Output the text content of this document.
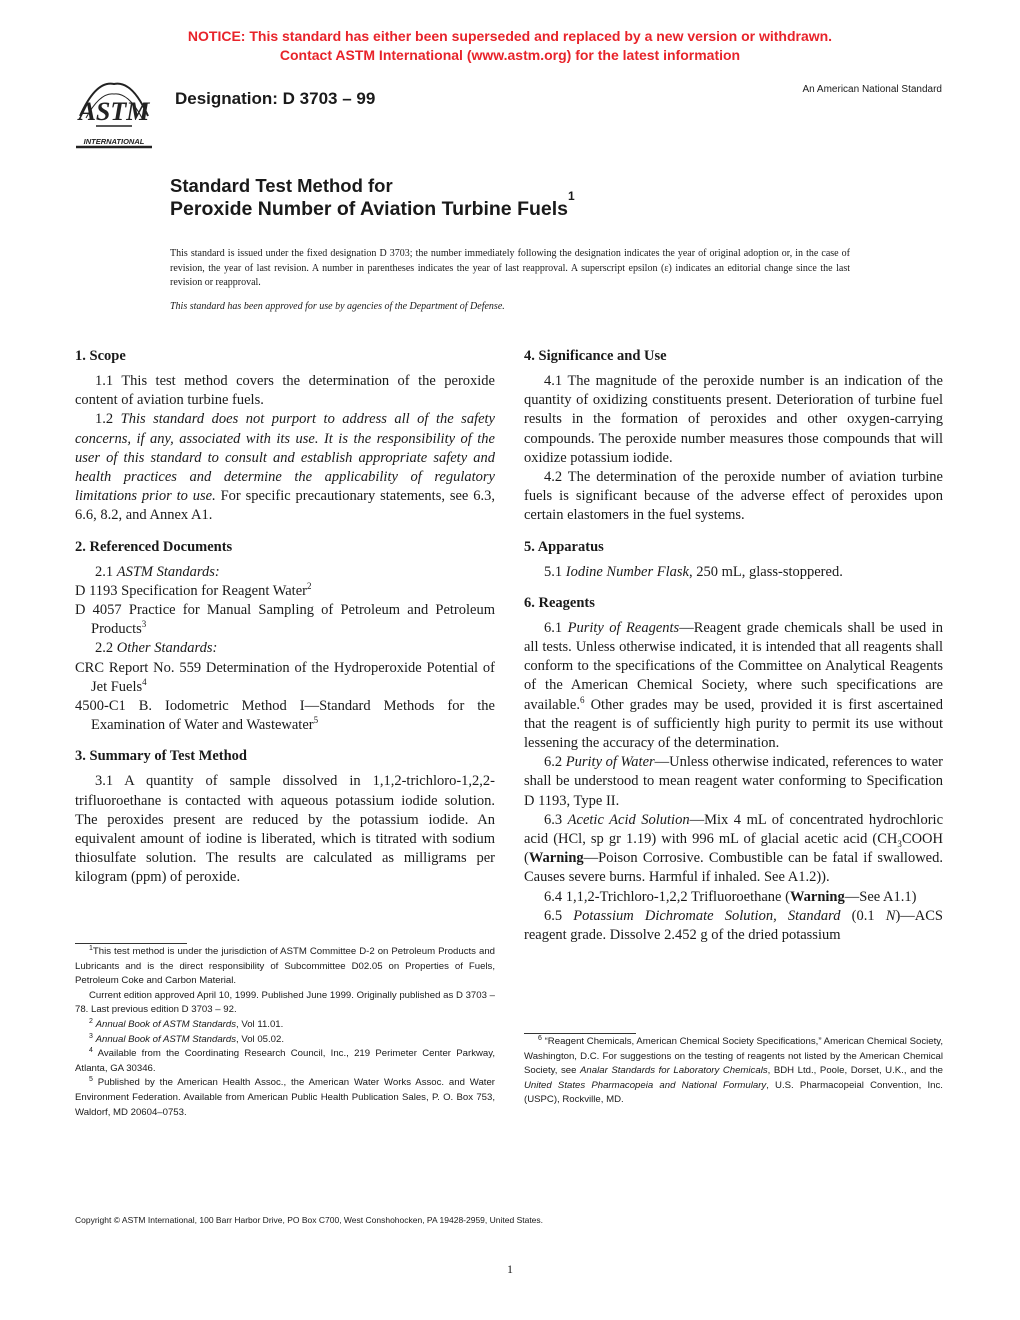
NOTICE: This standard has either been superseded and replaced by a new version or withdrawn.
Contact ASTM International (www.astm.org) for the latest information
ASTM
INTERNATIONAL
Designation: D 3703 – 99	An American National Standard
Standard Test Method for
Peroxide Number of Aviation Turbine Fuels$^1$
This standard is issued under the fixed designation D 3703; the number immediately following the designation indicates the year of original adoption or, in the case of revision, the year of last revision. A number in parentheses indicates the year of last reapproval. A superscript epsilon (ε) indicates an editorial change since the last revision or reapproval.
This standard has been approved for use by agencies of the Department of Defense.
1. Scope

1.1 This test method covers the determination of the peroxide content of aviation turbine fuels.

1.2 This standard does not purport to address all of the safety concerns, if any, associated with its use. It is the responsibility of the user of this standard to consult and establish appropriate safety and health practices and determine the applicability of regulatory limitations prior to use. For specific precautionary statements, see 6.3, 6.6, 8.2, and Annex A1.

2. Referenced Documents

2.1 ASTM Standards:

D 1193 Specification for Reagent Water$^2$

D 4057 Practice for Manual Sampling of Petroleum and Petroleum Products$^3$

2.2 Other Standards:

CRC Report No. 559 Determination of the Hydroperoxide Potential of Jet Fuels$^4$

4500-C1 B. Iodometric Method I—Standard Methods for the Examination of Water and Wastewater$^5$

3. Summary of Test Method

3.1 A quantity of sample dissolved in 1,1,2-trichloro-1,2,2-trifluoroethane is contacted with aqueous potassium iodide solution. The peroxides present are reduced by the potassium iodide. An equivalent amount of iodine is liberated, which is titrated with sodium thiosulfate solution. The results are calculated as milligrams per kilogram (ppm) of peroxide.

$^1$This test method is under the jurisdiction of ASTM Committee D-2 on Petroleum Products and Lubricants and is the direct responsibility of Subcommittee D02.05 on Properties of Fuels, Petroleum Coke and Carbon Material.

Current edition approved April 10, 1999. Published June 1999. Originally published as D 3703 – 78. Last previous edition D 3703 – 92.

$^2$ Annual Book of ASTM Standards, Vol 11.01.

$^3$ Annual Book of ASTM Standards, Vol 05.02.

$^4$ Available from the Coordinating Research Council, Inc., 219 Perimeter Center Parkway, Atlanta, GA 30346.

$^5$ Published by the American Health Assoc., the American Water Works Assoc. and Water Environment Federation. Available from American Public Health Publication Sales, P. O. Box 753, Waldorf, MD 20604–0753.

4. Significance and Use

4.1 The magnitude of the peroxide number is an indication of the quantity of oxidizing constituents present. Deterioration of turbine fuel results in the formation of peroxides and other oxygen-carrying compounds. The peroxide number measures those compounds that will oxidize potassium iodide.

4.2 The determination of the peroxide number of aviation turbine fuels is significant because of the adverse effect of peroxides upon certain elastomers in the fuel systems.

5. Apparatus

5.1 Iodine Number Flask, 250 mL, glass-stoppered.

6. Reagents

6.1 Purity of Reagents—Reagent grade chemicals shall be used in all tests. Unless otherwise indicated, it is intended that all reagents shall conform to the specifications of the Committee on Analytical Reagents of the American Chemical Society, where such specifications are available.$^6$ Other grades may be used, provided it is first ascertained that the reagent is of sufficiently high purity to permit its use without lessening the accuracy of the determination.

6.2 Purity of Water—Unless otherwise indicated, references to water shall be understood to mean reagent water conforming to Specification D 1193, Type II.

6.3 Acetic Acid Solution—Mix 4 mL of concentrated hydrochloric acid (HCl, sp gr 1.19) with 996 mL of glacial acetic acid ($CH_3COOH$ (Warning—Poison Corrosive. Combustible can be fatal if swallowed. Causes severe burns. Harmful if inhaled. See A1.2)).

6.4 1,1,2-Trichloro-1,2,2 Trifluoroethane (Warning—See A1.1)

6.5 Potassium Dichromate Solution, Standard (0.1 N)—ACS reagent grade. Dissolve 2.452 g of the dried potassium

$^6$ “Reagent Chemicals, American Chemical Society Specifications,” American Chemical Society, Washington, D.C. For suggestions on the testing of reagents not listed by the American Chemical Society, see Analar Standards for Laboratory Chemicals, BDH Ltd., Poole, Dorset, U.K., and the United States Pharmacopeia and National Formulary, U.S. Pharmacopeial Convention, Inc. (USPC), Rockville, MD.

Copyright © ASTM International, 100 Barr Harbor Drive, PO Box C700, West Conshohocken, PA 19428-2959, United States.
1
